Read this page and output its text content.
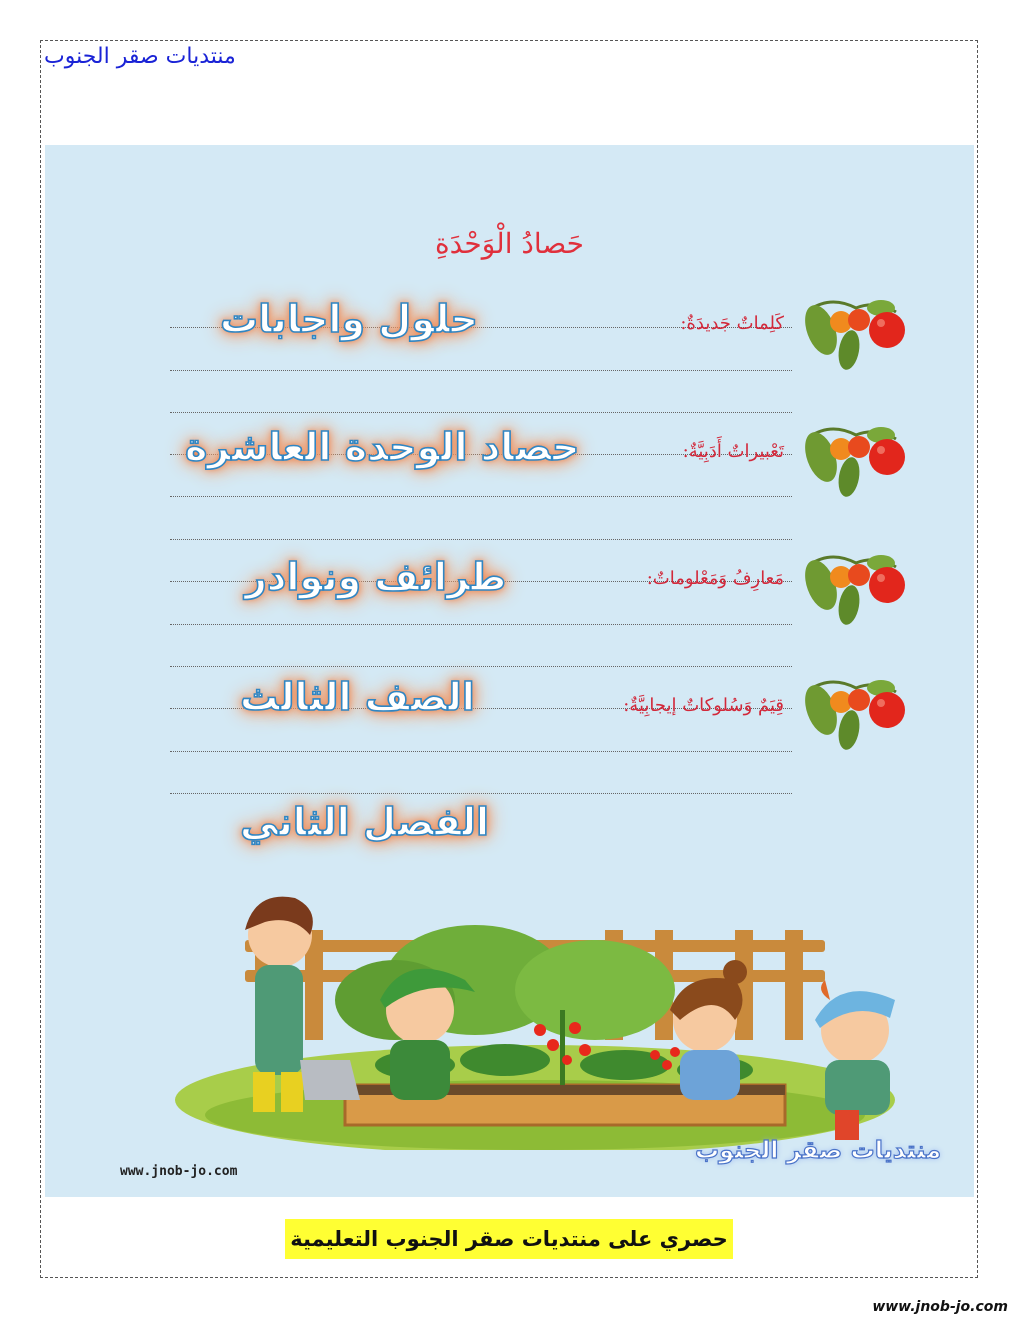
منتديات صقر الجنوب
حَصادُ الْوَحْدَةِ
كَلِماتٌ جَديدَةٌ:
تَعْبيراتٌ أَدَبِيَّةٌ:
مَعارِفُ وَمَعْلوماتٌ:
قِيَمٌ وَسُلوكاتٌ إيجابِيَّةٌ:
حلول واجابات
حصاد الوحدة العاشرة
طرائف ونوادر
الصف الثالث
الفصل الثاني
www.jnob-jo.com
منتديات صقر الجنوب
حصري على منتديات صقر الجنوب التعليمية
www.jnob-jo.com
